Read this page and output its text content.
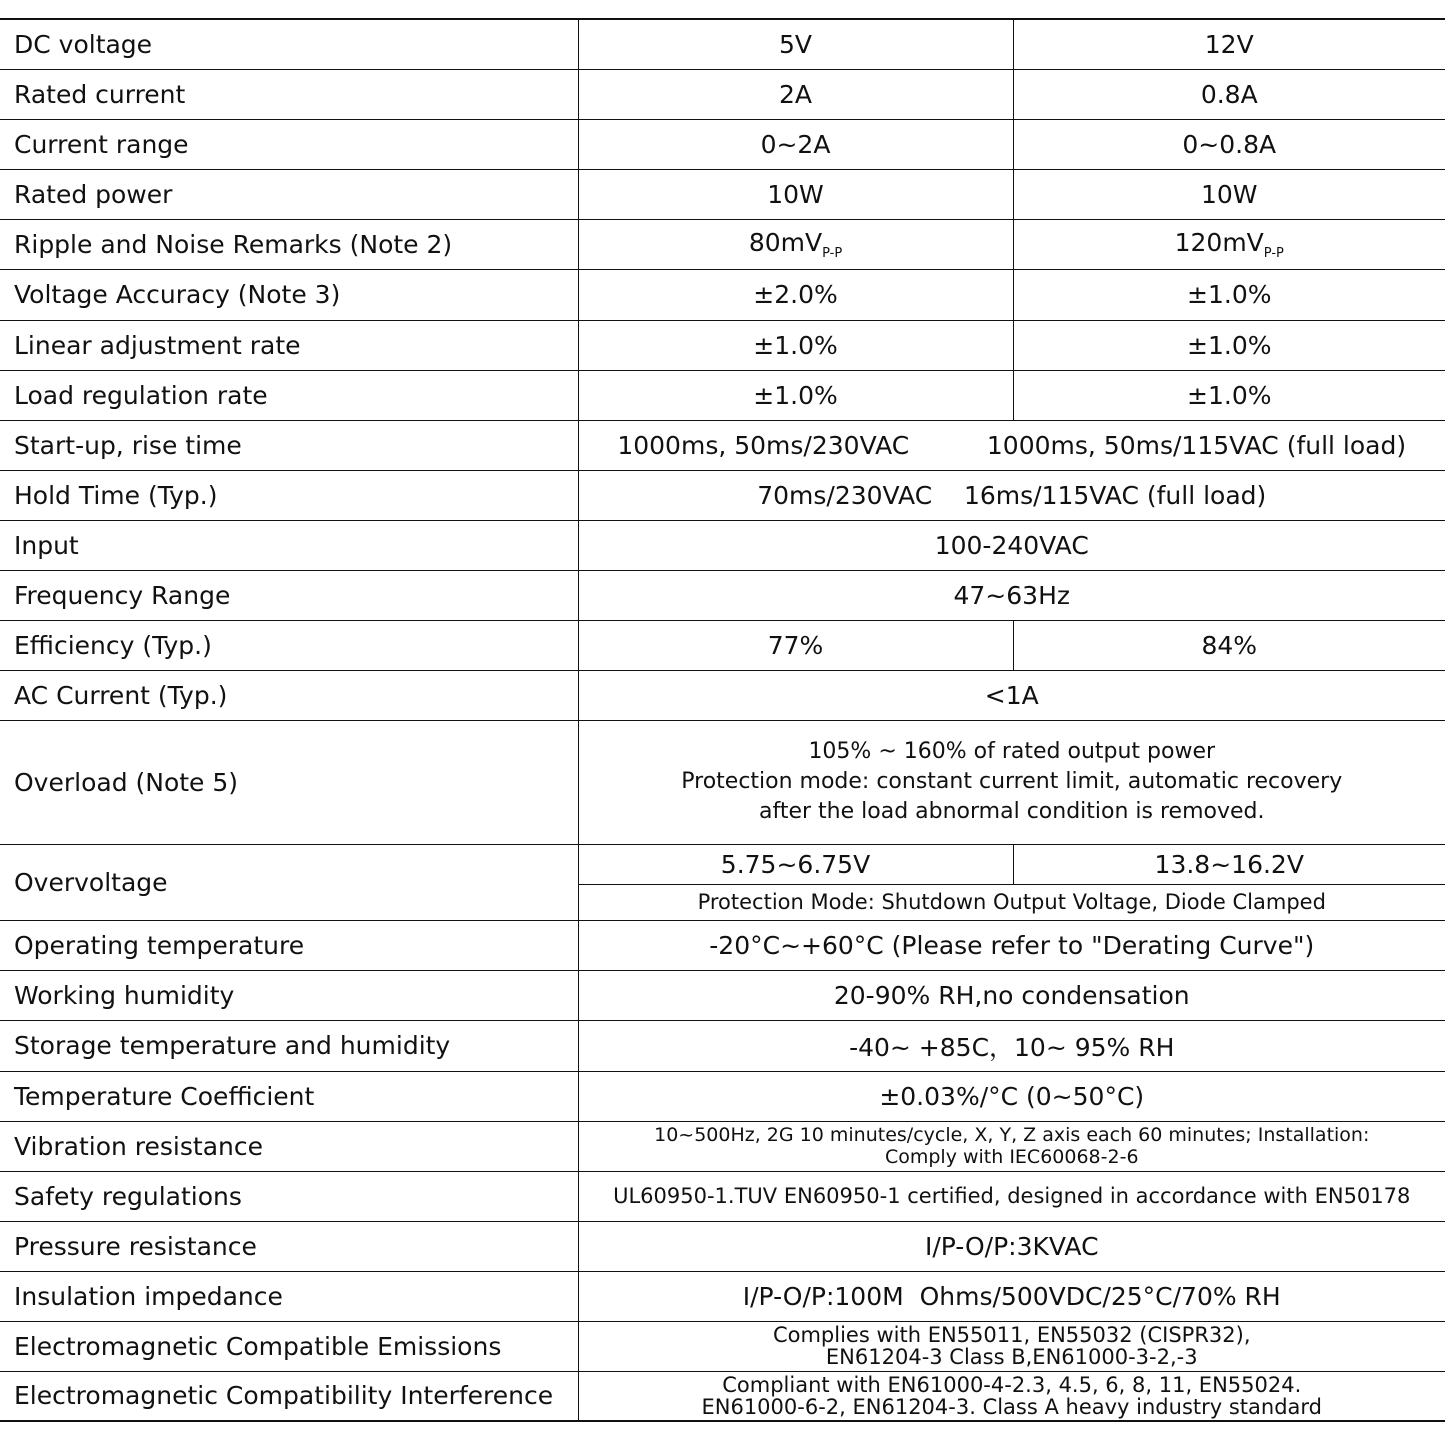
DC voltage	5V	12V
Rated current	2A	0.8A
Current range	0~2A	0~0.8A
Rated power	10W	10W
Ripple and Noise Remarks (Note 2)	$80mV_{P-P}$	$120mV_{P-P}$
Voltage Accuracy (Note 3)	±2.0%	±1.0%
Linear adjustment rate	±1.0%	±1.0%
Load regulation rate	±1.0%	±1.0%
Start-up, rise time	1000ms, 50ms/230VAC 1000ms, 50ms/115VAC (full load)	

Hold Time (Typ.)	70ms/230VAC    16ms/115VAC (full load)	
Input	100-240VAC	
Frequency Range	47~63Hz	
Efficiency (Typ.)	77%	84%
AC Current (Typ.)	<1A	
Overload (Note 5)	105% ~ 160% of rated output power
Protection mode: constant current limit, automatic recovery
after the load abnormal condition is removed.	

Overvoltage	5.75~6.75V	13.8~16.2V
	Protection Mode: Shutdown Output Voltage, Diode Clamped	
Operating temperature	-20°C~+60°C (Please refer to "Derating Curve")	
Working humidity	20-90% RH,no condensation	
Storage temperature and humidity	-40~ +85C，10~ 95% RH	
Temperature Coefficient	±0.03%/°C (0~50°C)	
Vibration resistance	10~500Hz, 2G 10 minutes/cycle, X, Y, Z axis each 60 minutes; Installation:
Comply with IEC60068-2-6	

Safety regulations	UL60950-1.TUV EN60950-1 certified, designed in accordance with EN50178	
Pressure resistance	I/P-O/P:3KVAC	
Insulation impedance	I/P-O/P:100M  Ohms/500VDC/25°C/70% RH	
Electromagnetic Compatible Emissions	Complies with EN55011, EN55032 (CISPR32),
EN61204-3 Class B,EN61000-3-2,-3	

Electromagnetic Compatibility Interference	Compliant with EN61000-4-2.3, 4.5, 6, 8, 11, EN55024.
EN61000-6-2, EN61204-3. Class A heavy industry standard	
